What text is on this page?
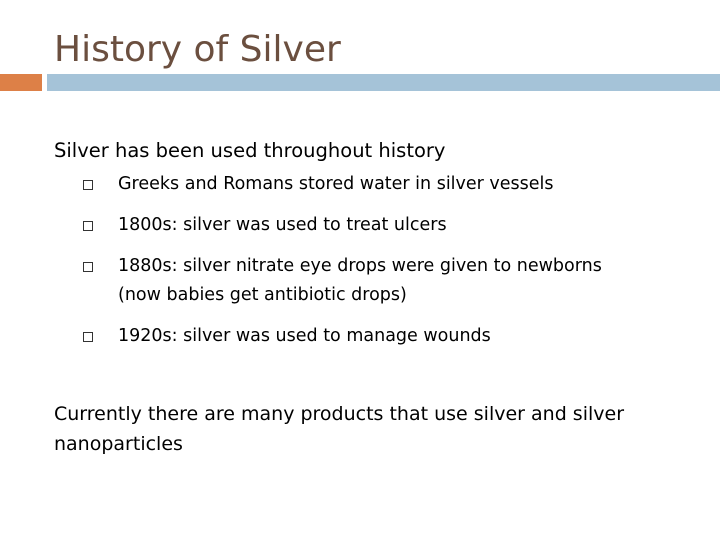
History of Silver

Silver has been used throughout history

Greeks and Romans stored water in silver vessels
1800s: silver was used to treat ulcers
1880s: silver nitrate eye drops were given to newborns (now babies get antibiotic drops)
1920s: silver was used to manage wounds

Currently there are many products that use silver and silver nanoparticles
